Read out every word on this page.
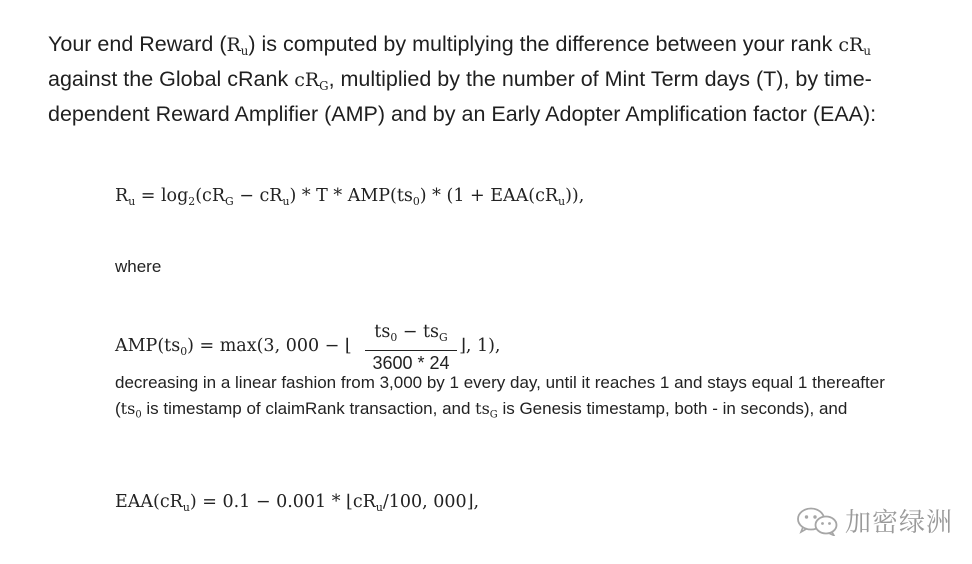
Your end Reward $(R_u)$ is computed by multiplying the difference between your rank $cR_u$ against the Global cRank $cR_G$, multiplied by the number of Mint Term days (T), by time-dependent Reward Amplifier (AMP) and by an Early Adopter Amplification factor (EAA):

$R_u = \log_2(cR_G - cR_u) * T * AMP(ts_0) * (1 + EAA(cR_u))$,
where
$AMP(ts_0) = \max(3$, 000 − ⌊
$ts_0 - ts_G$
3600 * 24
⌋, 1),

decreasing in a linear fashion from 3,000 by 1 every day, until it reaches 1 and stays equal 1 thereafter ($ts_0$ is timestamp of claimRank transaction, and $ts_G$ is Genesis timestamp, both - in seconds), and

$EAA(cR_u) = 0.1 - 0.001$ * $⌊cR_u/100$, 000⌋,
加密绿洲
